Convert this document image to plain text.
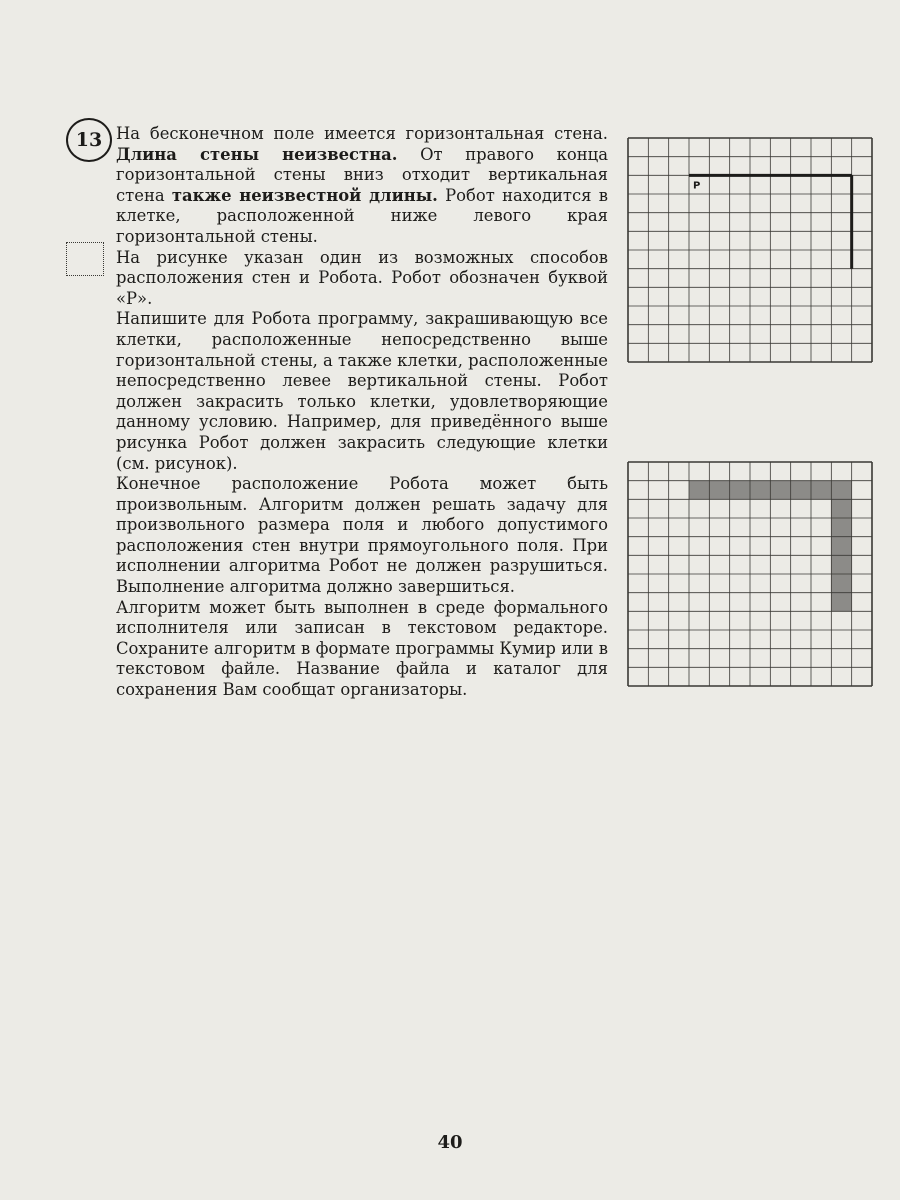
13 На бесконечном поле имеется горизонтальная стена. Длина стены неизвестна. От правого конца горизонтальной стены вниз отходит вертикальная стена также неизвестной длины. Робот находится в клетке, расположенной ниже левого края горизонтальной стены.

На рисунке указан один из возможных способов расположения стен и Робота. Робот обозначен буквой «Р».

Напишите для Робота программу, закрашивающую все клетки, расположенные непосредственно выше горизонтальной стены, а также клетки, расположенные непосредственно левее вертикальной стены. Робот должен закрасить только клетки, удовлетворяющие данному условию. Например, для приведённого выше рисунка Робот должен закрасить следующие клетки (см. рисунок).

Конечное расположение Робота может быть произвольным. Алгоритм должен решать задачу для произвольного размера поля и любого допустимого расположения стен внутри прямоугольного поля. При исполнении алгоритма Робот не должен разрушиться. Выполнение алгоритма должно завершиться.

Алгоритм может быть выполнен в среде формального исполнителя или записан в текстовом редакторе. Сохраните алгоритм в формате программы Кумир или в текстовом файле. Название файла и каталог для сохранения Вам сообщат организаторы.

Р
40
